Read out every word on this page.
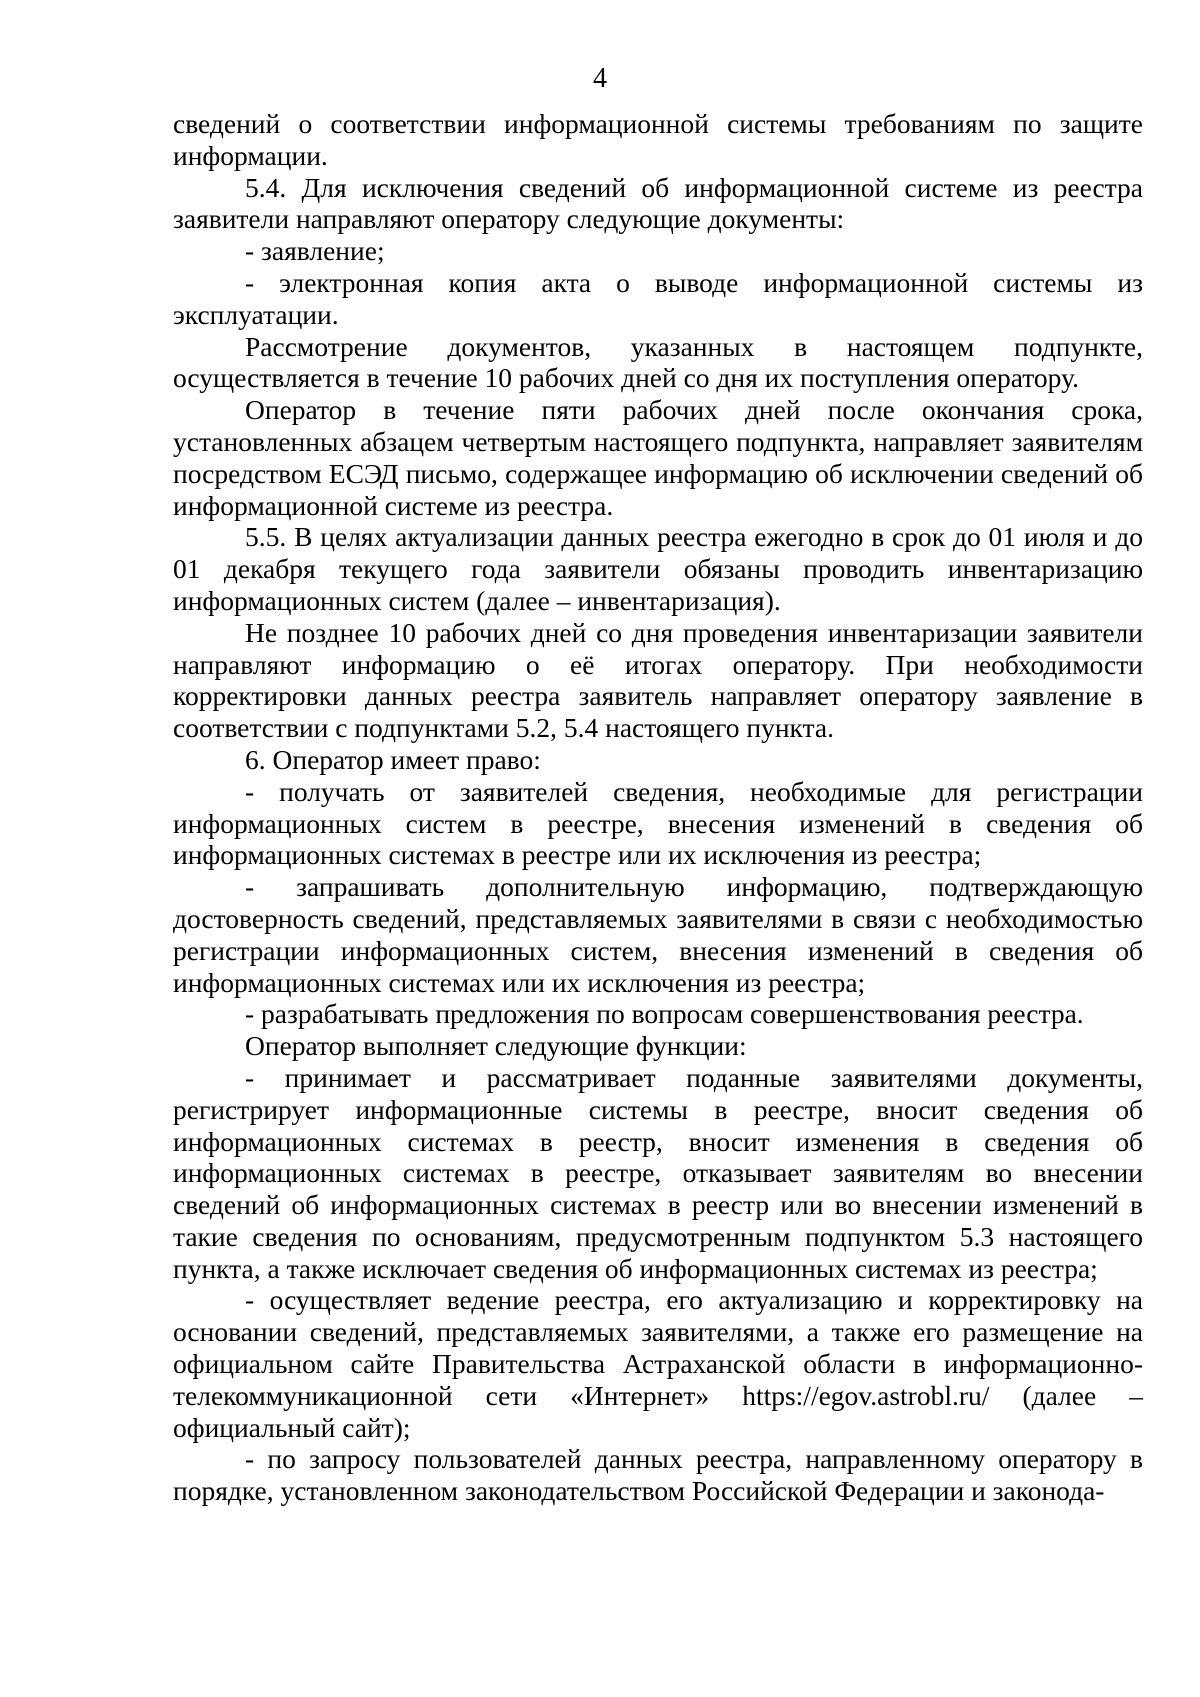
4

сведений о соответствии информационной системы требованиям по защите информации.

5.4. Для исключения сведений об информационной системе из реестра заявители направляют оператору следующие документы:

- заявление;

- электронная копия акта о выводе информационной системы из эксплуатации.

Рассмотрение документов, указанных в настоящем подпункте, осуществляется в течение 10 рабочих дней со дня их поступления оператору.

Оператор в течение пяти рабочих дней после окончания срока, установленных абзацем четвертым настоящего подпункта, направляет заявителям посредством ЕСЭД письмо, содержащее информацию об исключении сведений об информационной системе из реестра.

5.5. В целях актуализации данных реестра ежегодно в срок до 01 июля и до 01 декабря текущего года заявители обязаны проводить инвентаризацию информационных систем (далее – инвентаризация).

Не позднее 10 рабочих дней со дня проведения инвентаризации заявители направляют информацию о её итогах оператору. При необходимости корректировки данных реестра заявитель направляет оператору заявление в соответствии с подпунктами 5.2, 5.4 настоящего пункта.

6. Оператор имеет право:

- получать от заявителей сведения, необходимые для регистрации информационных систем в реестре, внесения изменений в сведения об информационных системах в реестре или их исключения из реестра;

- запрашивать дополнительную информацию, подтверждающую достоверность сведений, представляемых заявителями в связи с необходимостью регистрации информационных систем, внесения изменений в сведения об информационных системах или их исключения из реестра;

- разрабатывать предложения по вопросам совершенствования реестра.

Оператор выполняет следующие функции:

- принимает и рассматривает поданные заявителями документы, регистрирует информационные системы в реестре, вносит сведения об информационных системах в реестр, вносит изменения в сведения об информационных системах в реестре, отказывает заявителям во внесении сведений об информационных системах в реестр или во внесении изменений в такие сведения по основаниям, предусмотренным подпунктом 5.3 настоящего пункта, а также исключает сведения об информационных системах из реестра;

- осуществляет ведение реестра, его актуализацию и корректировку на основании сведений, представляемых заявителями, а также его размещение на официальном сайте Правительства Астраханской области в информационно-телекоммуникационной сети «Интернет» https://egov.astrobl.ru/ (далее – официальный сайт);

- по запросу пользователей данных реестра, направленному оператору в порядке, установленном законодательством Российской Федерации и законода-
